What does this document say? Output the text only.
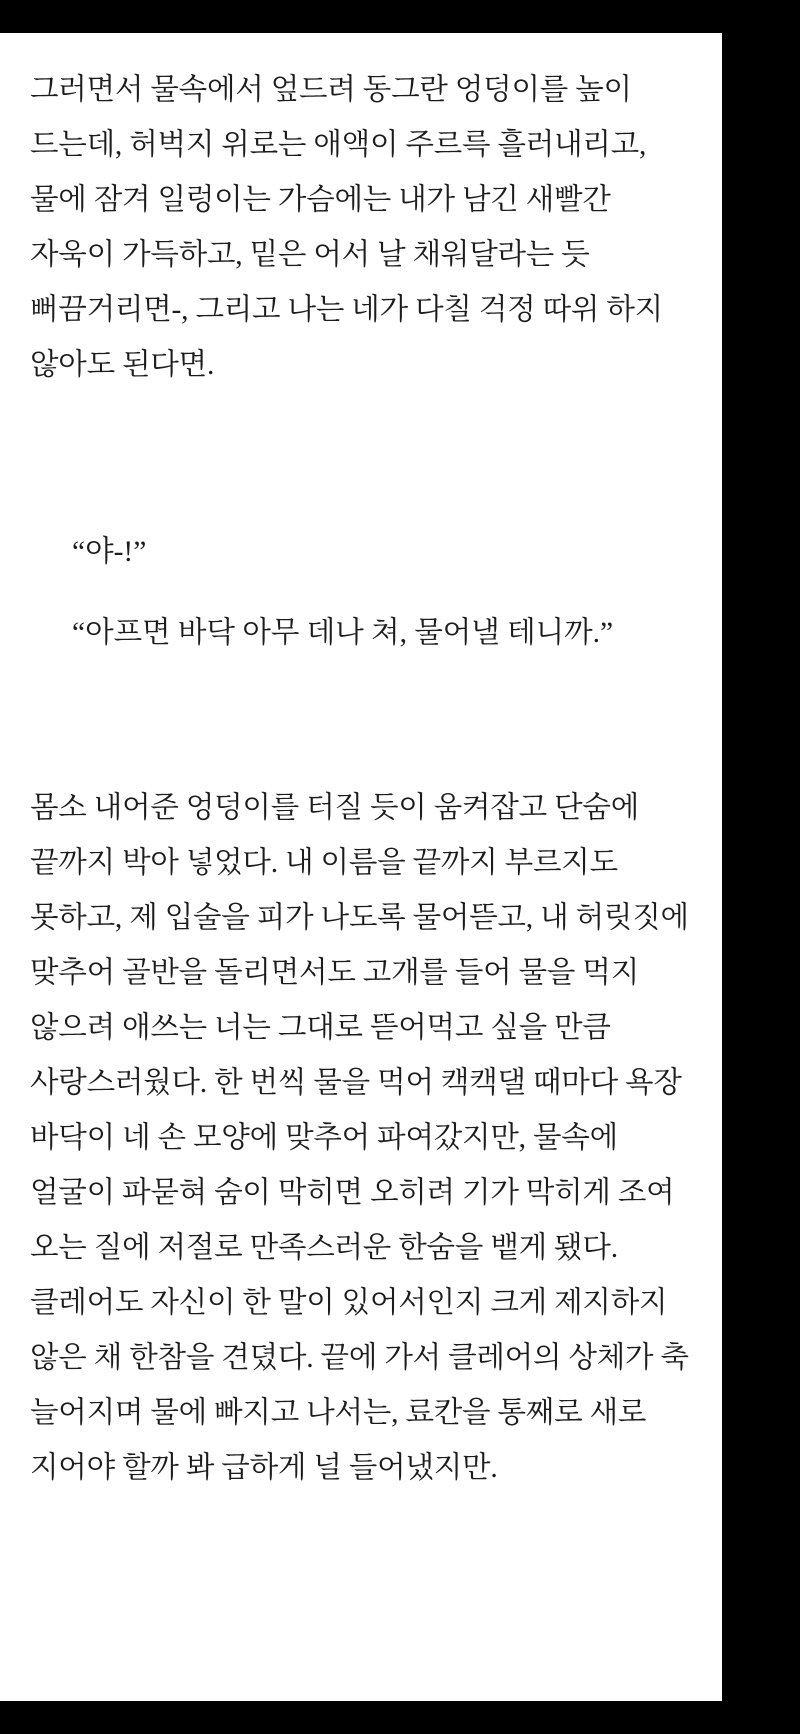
그러면서 물속에서 엎드려 동그란 엉덩이를 높이 드는데, 허벅지 위로는 애액이 주르륵 흘러내리고, 물에 잠겨 일렁이는 가슴에는 내가 남긴 새빨간 자욱이 가득하고, 밑은 어서 날 채워달라는 듯 뻐끔거리면-, 그리고 나는 네가 다칠 걱정 따위 하지 않아도 된다면.

“야-!”

“아프면 바닥 아무 데나 쳐, 물어낼 테니까.”

몸소 내어준 엉덩이를 터질 듯이 움켜잡고 단숨에 끝까지 박아 넣었다. 내 이름을 끝까지 부르지도 못하고, 제 입술을 피가 나도록 물어뜯고, 내 허릿짓에 맞추어 골반을 돌리면서도 고개를 들어 물을 먹지 않으려 애쓰는 너는 그대로 뜯어먹고 싶을 만큼 사랑스러웠다. 한 번씩 물을 먹어 캑캑댈 때마다 욕장 바닥이 네 손 모양에 맞추어 파여갔지만, 물속에 얼굴이 파묻혀 숨이 막히면 오히려 기가 막히게 조여 오는 질에 저절로 만족스러운 한숨을 뱉게 됐다. 클레어도 자신이 한 말이 있어서인지 크게 제지하지 않은 채 한참을 견뎠다. 끝에 가서 클레어의 상체가 축 늘어지며 물에 빠지고 나서는, 료칸을 통째로 새로 지어야 할까 봐 급하게 널 들어냈지만.
